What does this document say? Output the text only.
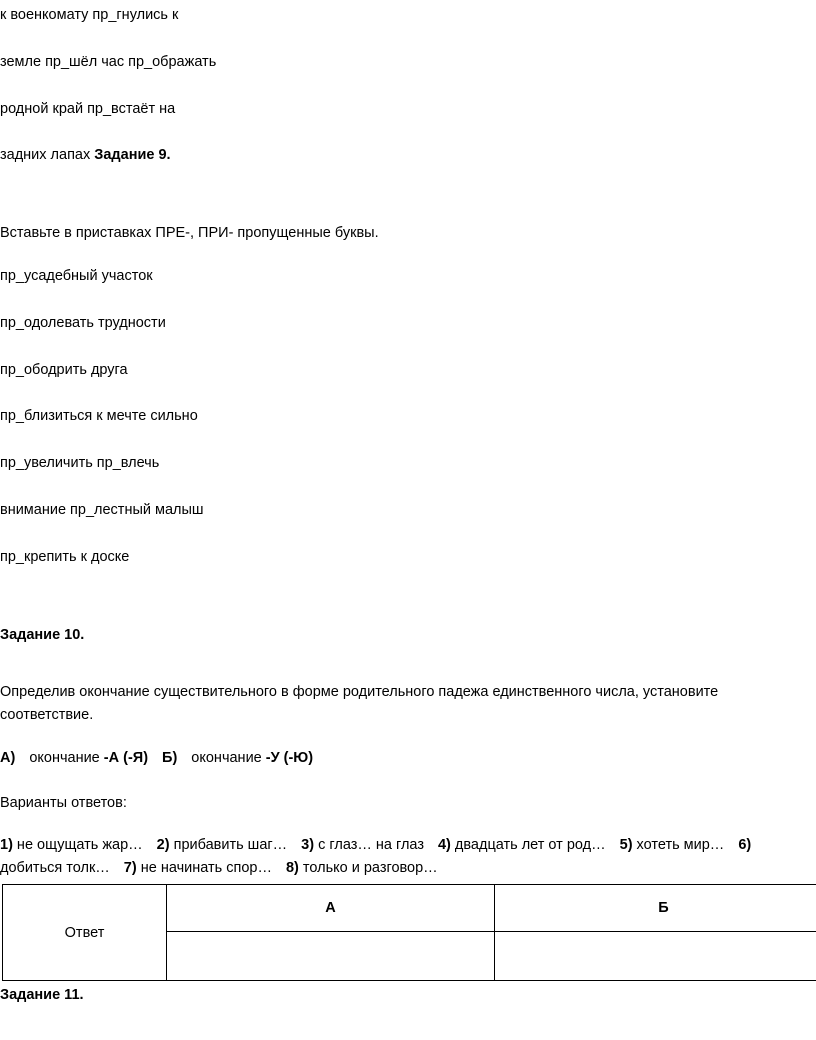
к военкомату пр_гнулись к
земле пр_шёл час пр_ображать
родной край пр_встаёт на
задних лапах Задание 9.
Вставьте в приставках ПРЕ-, ПРИ- пропущенные буквы.
пр_усадебный участок
пр_одолевать трудности
пр_ободрить друга
пр_близиться к мечте сильно
пр_увеличить пр_влечь
внимание пр_лестный малыш
пр_крепить к доске
Задание 10.
Определив окончание существительного в форме родительного падежа единственного числа, установите
соответствие.
А) окончание -А (-Я) Б) окончание -У (-Ю)
Варианты ответов:
1) не ощущать жар… 2) прибавить шаг… 3) с глаз… на глаз 4) двадцать лет от род… 5) хотеть мир… 6)
добиться толк… 7) не начинать спор… 8) только и разговор…
Ответ	А	Б

Задание 11.
